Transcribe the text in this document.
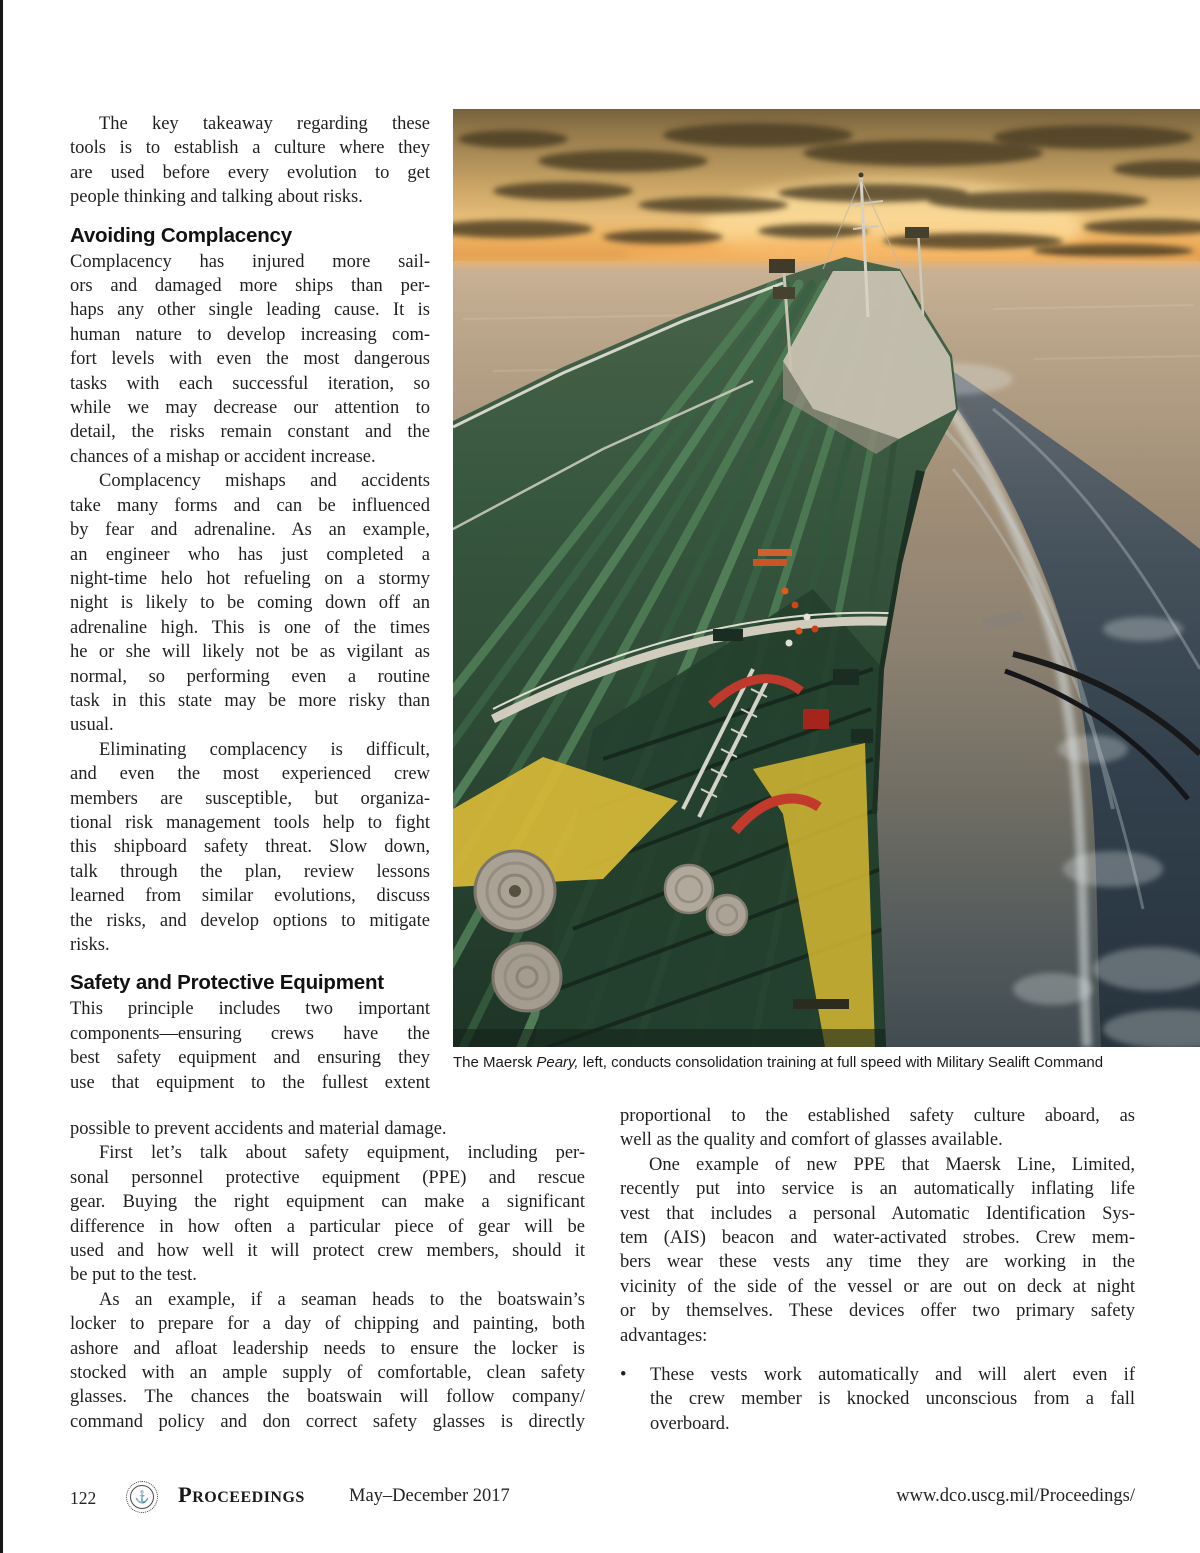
The key takeaway regarding these
tools is to establish a culture where they
are used before every evolution to get
people thinking and talking about risks.
Avoiding Complacency
Complacency has injured more sail-
ors and damaged more ships than per-
haps any other single leading cause. It is
human nature to develop increasing com-
fort levels with even the most dangerous
tasks with each successful iteration, so
while we may decrease our attention to
detail, the risks remain constant and the
chances of a mishap or accident increase.
Complacency mishaps and accidents
take many forms and can be influenced
by fear and adrenaline. As an example,
an engineer who has just completed a
night-time helo hot refueling on a stormy
night is likely to be coming down off an
adrenaline high. This is one of the times
he or she will likely not be as vigilant as
normal, so performing even a routine
task in this state may be more risky than
usual.
Eliminating complacency is difficult,
and even the most experienced crew
members are susceptible, but organiza-
tional risk management tools help to fight
this shipboard safety threat. Slow down,
talk through the plan, review lessons
learned from similar evolutions, discuss
the risks, and develop options to mitigate
risks.
Safety and Protective Equipment
This principle includes two important
components—ensuring crews have the
best safety equipment and ensuring they
use that equipment to the fullest extent
possible to prevent accidents and material damage.
First let’s talk about safety equipment, including per-
sonal personnel protective equipment (PPE) and rescue
gear. Buying the right equipment can make a significant
difference in how often a particular piece of gear will be
used and how well it will protect crew members, should it
be put to the test.
As an example, if a seaman heads to the boatswain’s
locker to prepare for a day of chipping and painting, both
ashore and afloat leadership needs to ensure the locker is
stocked with an ample supply of comfortable, clean safety
glasses. The chances the boatswain will follow company/
command policy and don correct safety glasses is directly
proportional to the established safety culture aboard, as
well as the quality and comfort of glasses available.
One example of new PPE that Maersk Line, Limited,
recently put into service is an automatically inflating life
vest that includes a personal Automatic Identification Sys-
tem (AIS) beacon and water-activated strobes. Crew mem-
bers wear these vests any time they are working in the
vicinity of the side of the vessel or are out on deck at night
or by themselves. These devices offer two primary safety
advantages:
•	These vests work automatically and will alert even if
the crew member is knocked unconscious from a fall
overboard.
The Maersk Peary, left, conducts consolidation training at full speed with Military Sealift Command
122	⚓ Proceedings May–December 2017	www.dco.uscg.mil/Proceedings/
